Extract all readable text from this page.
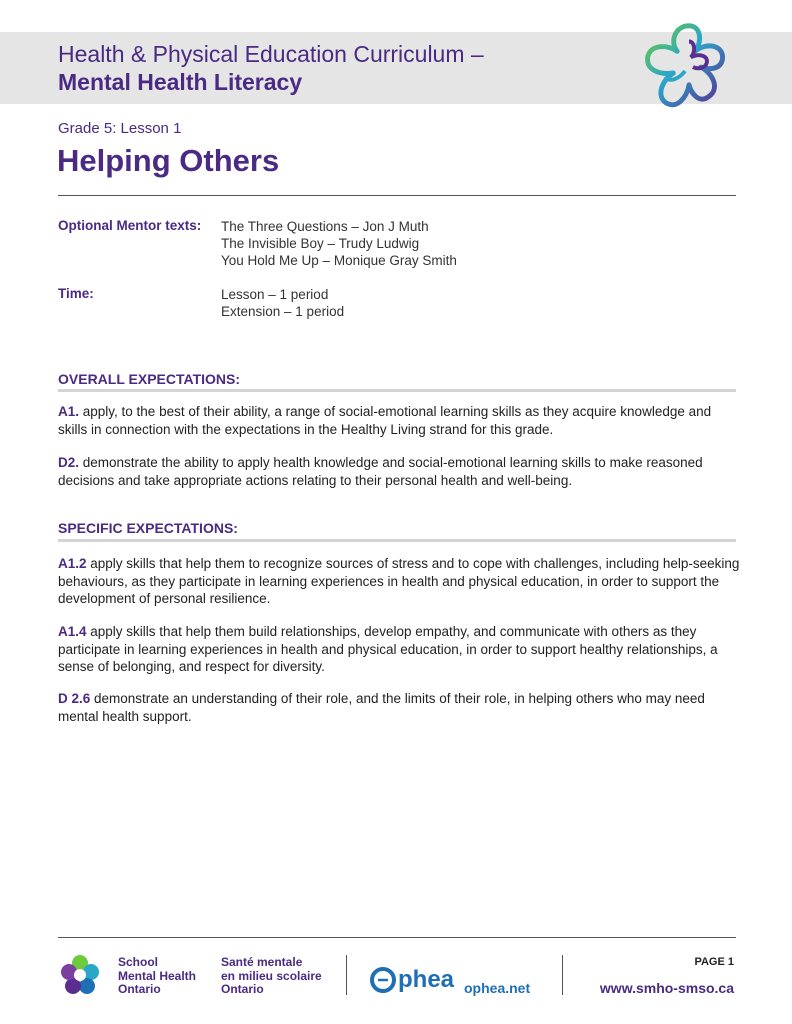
Health & Physical Education Curriculum –
Mental Health Literacy
Grade 5: Lesson 1
Helping Others
Optional Mentor texts:	The Three Questions – Jon J Muth
The Invisible Boy – Trudy Ludwig
You Hold Me Up – Monique Gray Smith
Time:	Lesson – 1 period
Extension – 1 period
OVERALL EXPECTATIONS:
A1. apply, to the best of their ability, a range of social-emotional learning skills as they acquire knowledge and skills in connection with the expectations in the Healthy Living strand for this grade.
D2. demonstrate the ability to apply health knowledge and social-emotional learning skills to make reasoned decisions and take appropriate actions relating to their personal health and well-being.
SPECIFIC EXPECTATIONS:
A1.2 apply skills that help them to recognize sources of stress and to cope with challenges, including help-seeking behaviours, as they participate in learning experiences in health and physical education, in order to support the development of personal resilience.
A1.4 apply skills that help them build relationships, develop empathy, and communicate with others as they participate in learning experiences in health and physical education, in order to support healthy relationships, a sense of belonging, and respect for diversity.
D 2.6 demonstrate an understanding of their role, and the limits of their role, in helping others who may need mental health support.
School
Mental Health
Ontario
Santé mentale
en milieu scolaire
Ontario	phea ophea.net
PAGE 1
www.smho-smso.ca
